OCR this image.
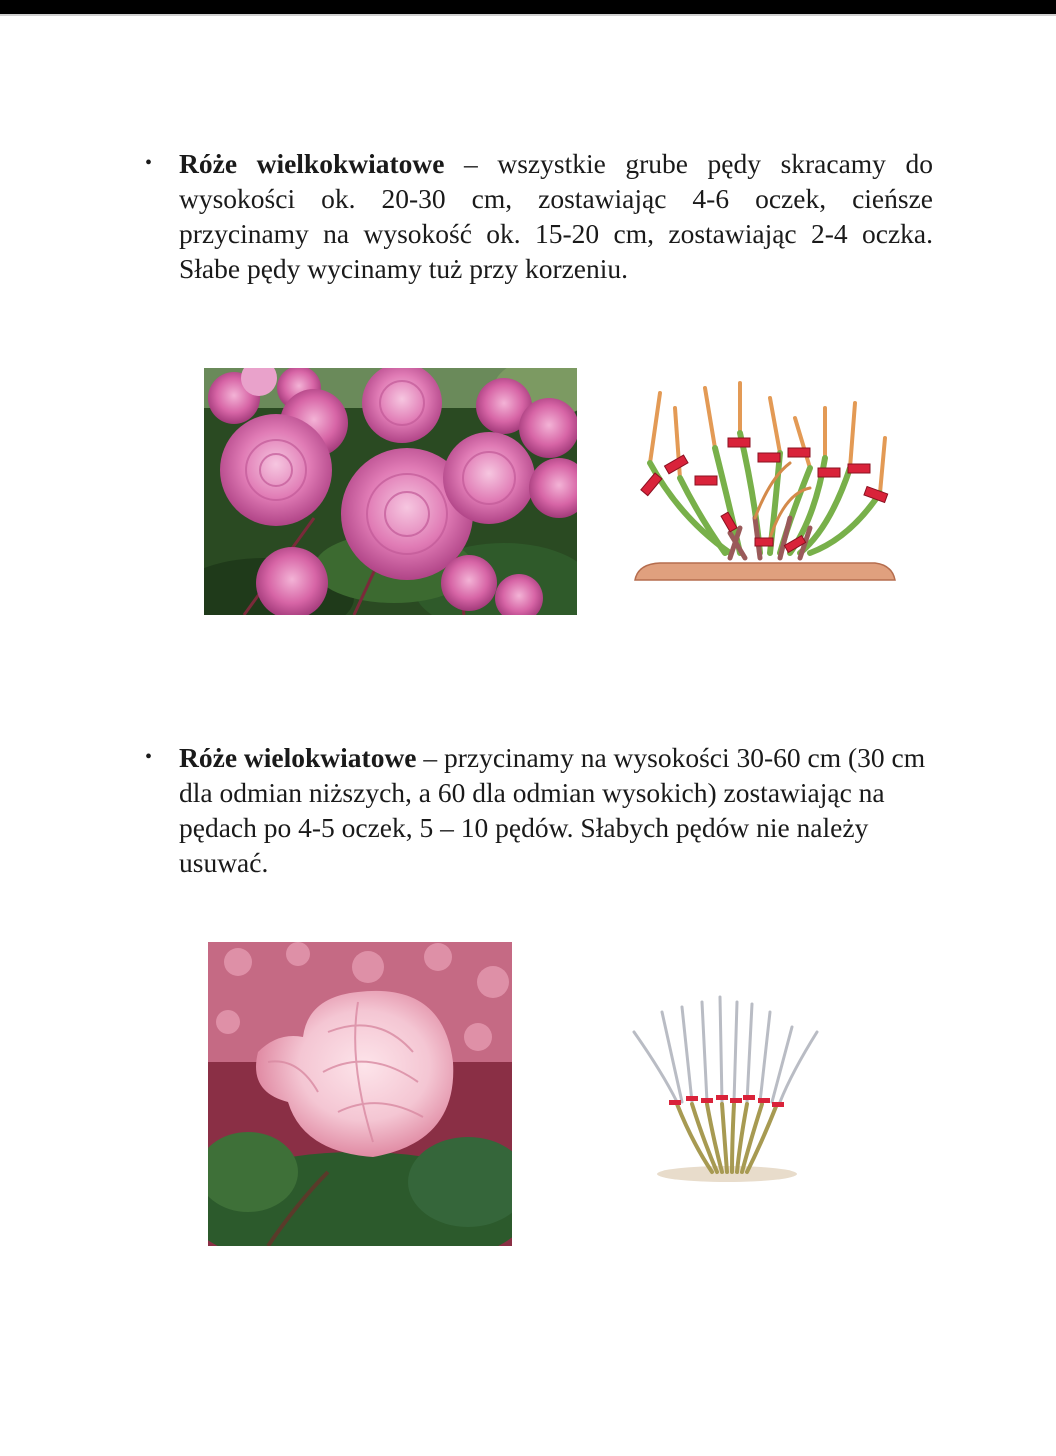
• Róże wielkokwiatowe – wszystkie grube pędy skracamy do wysokości ok. 20-30 cm, zostawiając 4-6 oczek, cieńsze przycinamy na wysokość ok. 15-20 cm, zostawiając 2-4 oczka. Słabe pędy wycinamy tuż przy korzeniu.
• Róże wielokwiatowe – przycinamy na wysokości 30-60 cm (30 cm dla odmian niższych, a 60 dla odmian wysokich) zostawiając na pędach po 4-5 oczek, 5 – 10 pędów. Słabych pędów nie należy usuwać.
